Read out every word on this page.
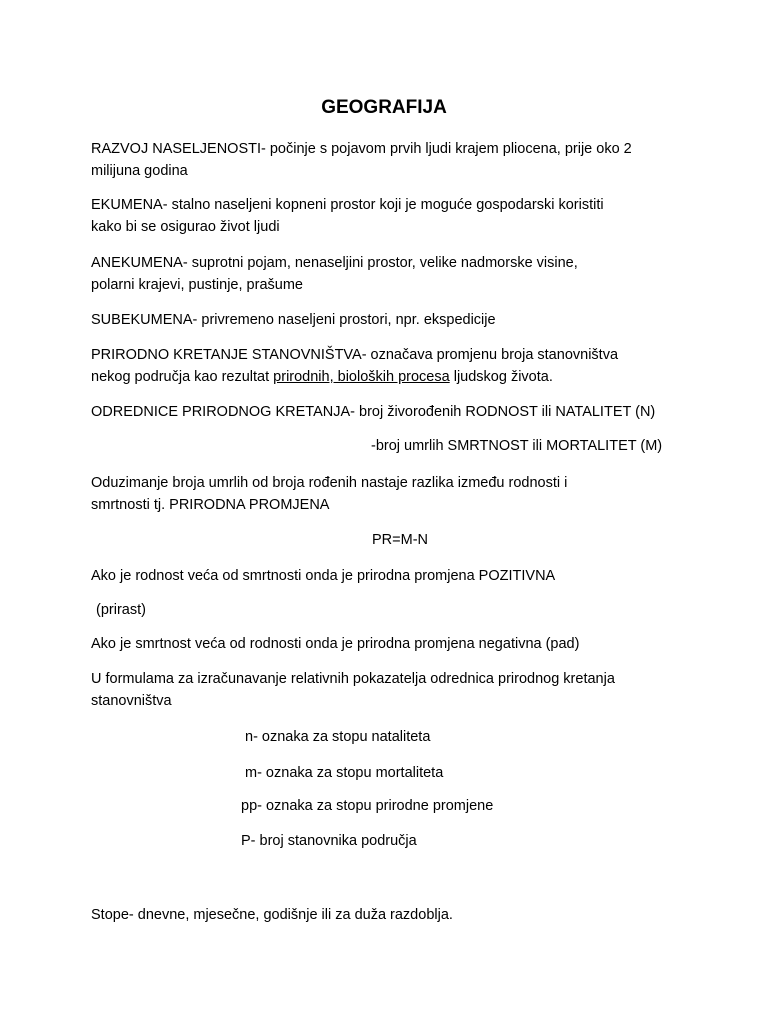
GEOGRAFIJA
RAZVOJ NASELJENOSTI- počinje s pojavom prvih ljudi krajem pliocena, prije oko 2
milijuna godina
EKUMENA- stalno naseljeni kopneni prostor koji je moguće gospodarski koristiti
kako bi se osigurao život ljudi
ANEKUMENA- suprotni pojam, nenaseljini prostor, velike nadmorske visine,
polarni krajevi, pustinje, prašume
SUBEKUMENA- privremeno naseljeni prostori, npr. ekspedicije
PRIRODNO KRETANJE STANOVNIŠTVA- označava promjenu broja stanovništva
nekog područja kao rezultat prirodnih, bioloških procesa ljudskog života.
ODREDNICE PRIRODNOG KRETANJA- broj živorođenih RODNOST ili NATALITET (N)
-broj umrlih SMRTNOST ili MORTALITET (M)
Oduzimanje broja umrlih od broja rođenih nastaje razlika između rodnosti i
smrtnosti tj. PRIRODNA PROMJENA
PR=M-N
Ako je rodnost veća od smrtnosti onda je prirodna promjena POZITIVNA
(prirast)
Ako je smrtnost veća od rodnosti onda je prirodna promjena negativna (pad)
U formulama za izračunavanje relativnih pokazatelja odrednica prirodnog kretanja
stanovništva
n- oznaka za stopu nataliteta
m- oznaka za stopu mortaliteta
pp- oznaka za stopu prirodne promjene
P- broj stanovnika područja
Stope- dnevne, mjesečne, godišnje ili za duža razdoblja.
